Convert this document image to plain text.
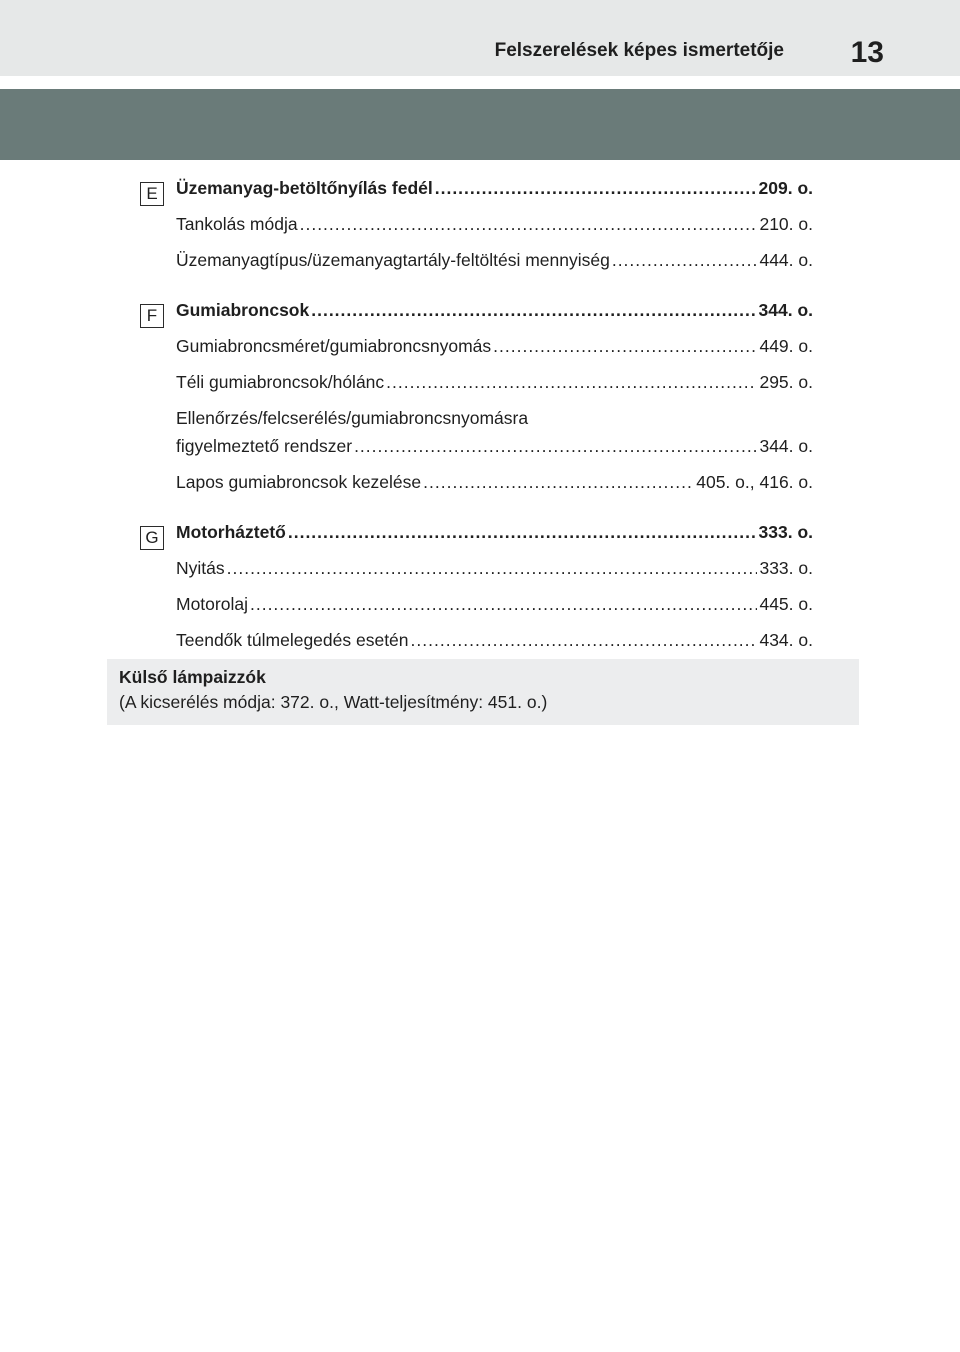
Felszerelések képes ismertetője 13
E	Üzemanyag-betöltőnyílás fedél .....	209. o.
Tankolás módja .....	210. o.
Üzemanyagtípus/üzemanyagtartály-feltöltési mennyiség .....	444. o.
F	Gumiabroncsok .....	344. o.
Gumiabroncsméret/gumiabroncsnyomás .....	449. o.
Téli gumiabroncsok/hólánc .....	295. o.
Ellenőrzés/felcserélés/gumiabroncsnyomásra
figyelmeztető rendszer .....	344. o.
Lapos gumiabroncsok kezelése .....	405. o., 416. o.
G Motorháztető .....	333. o.
Nyitás .....	333. o.
Motorolaj .....	445. o.
Teendők túlmelegedés esetén .....	434. o.
Külső lámpaizzók
(A kicserélés módja: 372. o., Watt-teljesítmény: 451. o.)
